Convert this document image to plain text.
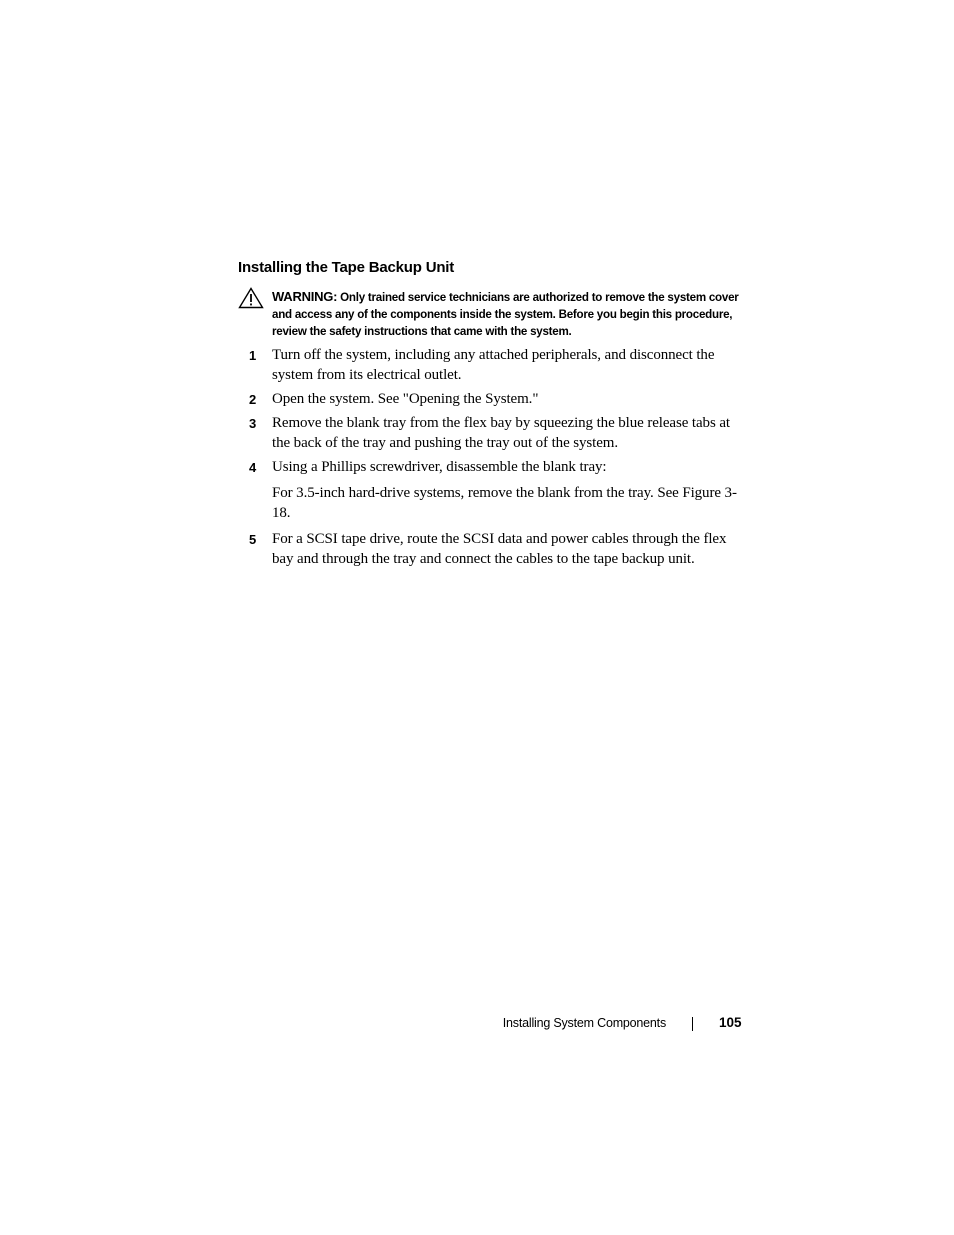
Installing the Tape Backup Unit

WARNING: Only trained service technicians are authorized to remove the system cover and access any of the components inside the system. Before you begin this procedure, review the safety instructions that came with the system.

1 Turn off the system, including any attached peripherals, and disconnect the system from its electrical outlet.

2 Open the system. See "Opening the System."

3 Remove the blank tray from the flex bay by squeezing the blue release tabs at the back of the tray and pushing the tray out of the system.

4 Using a Phillips screwdriver, disassemble the blank tray:

For 3.5-inch hard-drive systems, remove the blank from the tray. See Figure 3-18.

5 For a SCSI tape drive, route the SCSI data and power cables through the flex bay and through the tray and connect the cables to the tape backup unit.

Installing System Components	105
